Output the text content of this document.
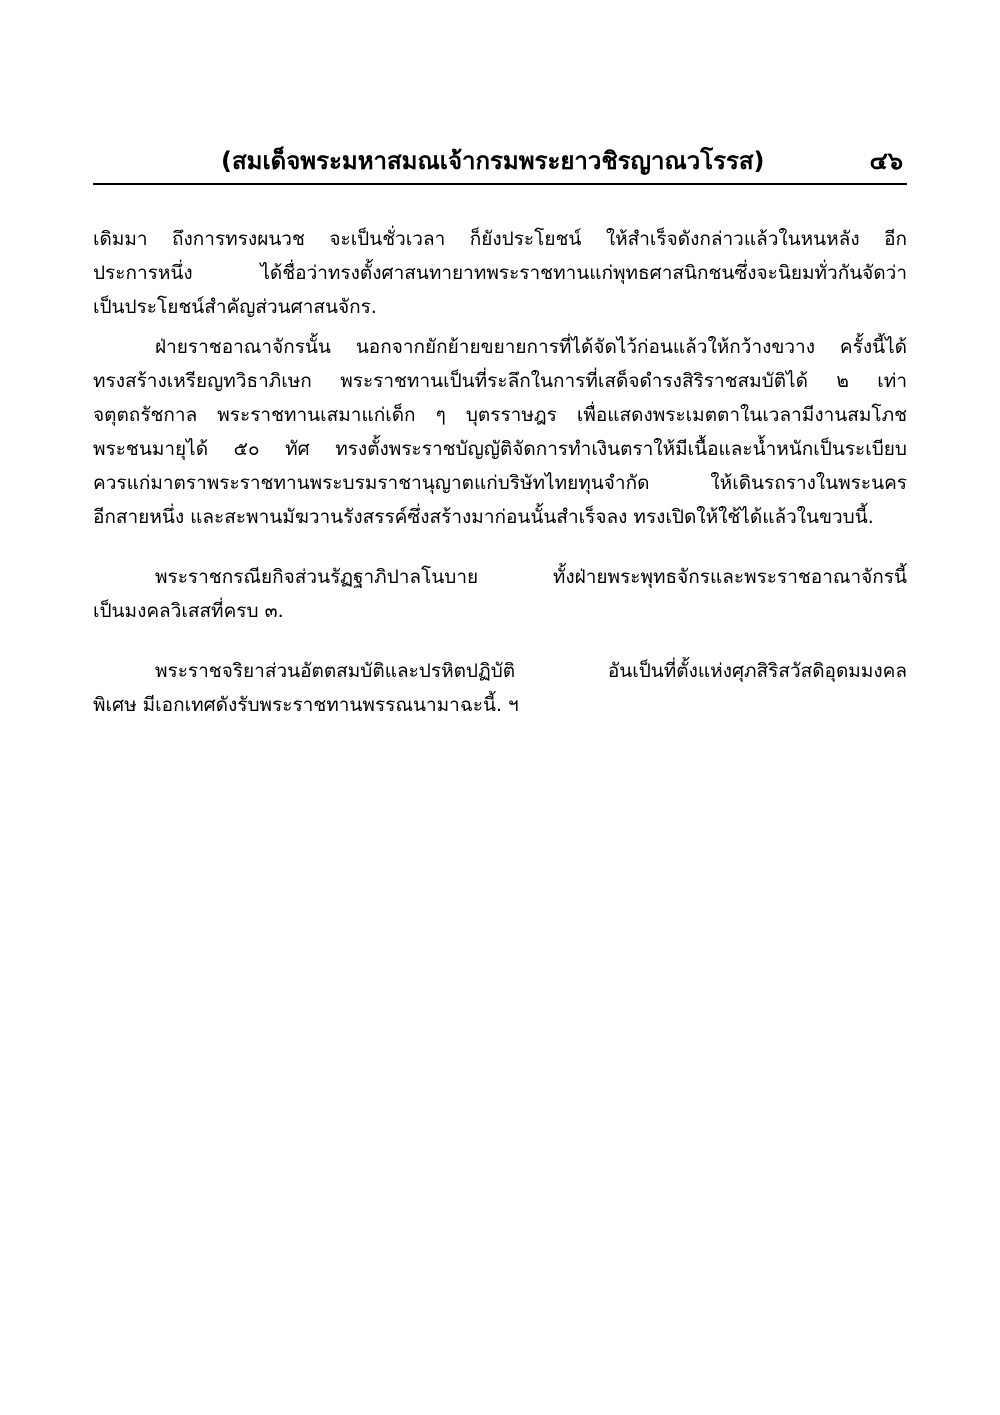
(สมเด็จพระมหาสมณเจ้ากรมพระยาวชิรญาณวโรรส)	๔๖
เดิมมา ถึงการทรงผนวช จะเป็นชั่วเวลา ก็ยังประโยชน์ ให้สำเร็จดังกล่าวแล้วในหนหลัง อีก
ประการหนึ่ง ได้ชื่อว่าทรงตั้งศาสนทายาทพระราชทานแก่พุทธศาสนิกชนซึ่งจะนิยมทั่วกันจัดว่า
เป็นประโยชน์สำคัญส่วนศาสนจักร.
ฝ่ายราชอาณาจักรนั้น นอกจากยักย้ายขยายการที่ได้จัดไว้ก่อนแล้วให้กว้างขวาง ครั้งนี้ได้
ทรงสร้างเหรียญทวิธาภิเษก พระราชทานเป็นที่ระลึกในการที่เสด็จดำรงสิริราชสมบัติได้ ๒ เท่า
จตุตถรัชกาล พระราชทานเสมาแก่เด็ก ๆ บุตรราษฎร เพื่อแสดงพระเมตตาในเวลามีงานสมโภช
พระชนมายุได้ ๕๐ ทัศ ทรงตั้งพระราชบัญญัติจัดการทำเงินตราให้มีเนื้อและน้ำหนักเป็นระเบียบ
ควรแก่มาตราพระราชทานพระบรมราชานุญาตแก่บริษัทไทยทุนจำกัด ให้เดินรถรางในพระนคร
อีกสายหนึ่ง และสะพานมัฆวานรังสรรค์ซึ่งสร้างมาก่อนนั้นสำเร็จลง ทรงเปิดให้ใช้ได้แล้วในขวบนี้.
พระราชกรณียกิจส่วนรัฏฐาภิปาลโนบาย ทั้งฝ่ายพระพุทธจักรและพระราชอาณาจักรนี้
เป็นมงคลวิเสสที่ครบ ๓.
พระราชจริยาส่วนอัตตสมบัติและปรหิตปฏิบัติ อันเป็นที่ตั้งแห่งศุภสิริสวัสดิอุดมมงคล
พิเศษ มีเอกเทศดังรับพระราชทานพรรณนามาฉะนี้. ฯ
